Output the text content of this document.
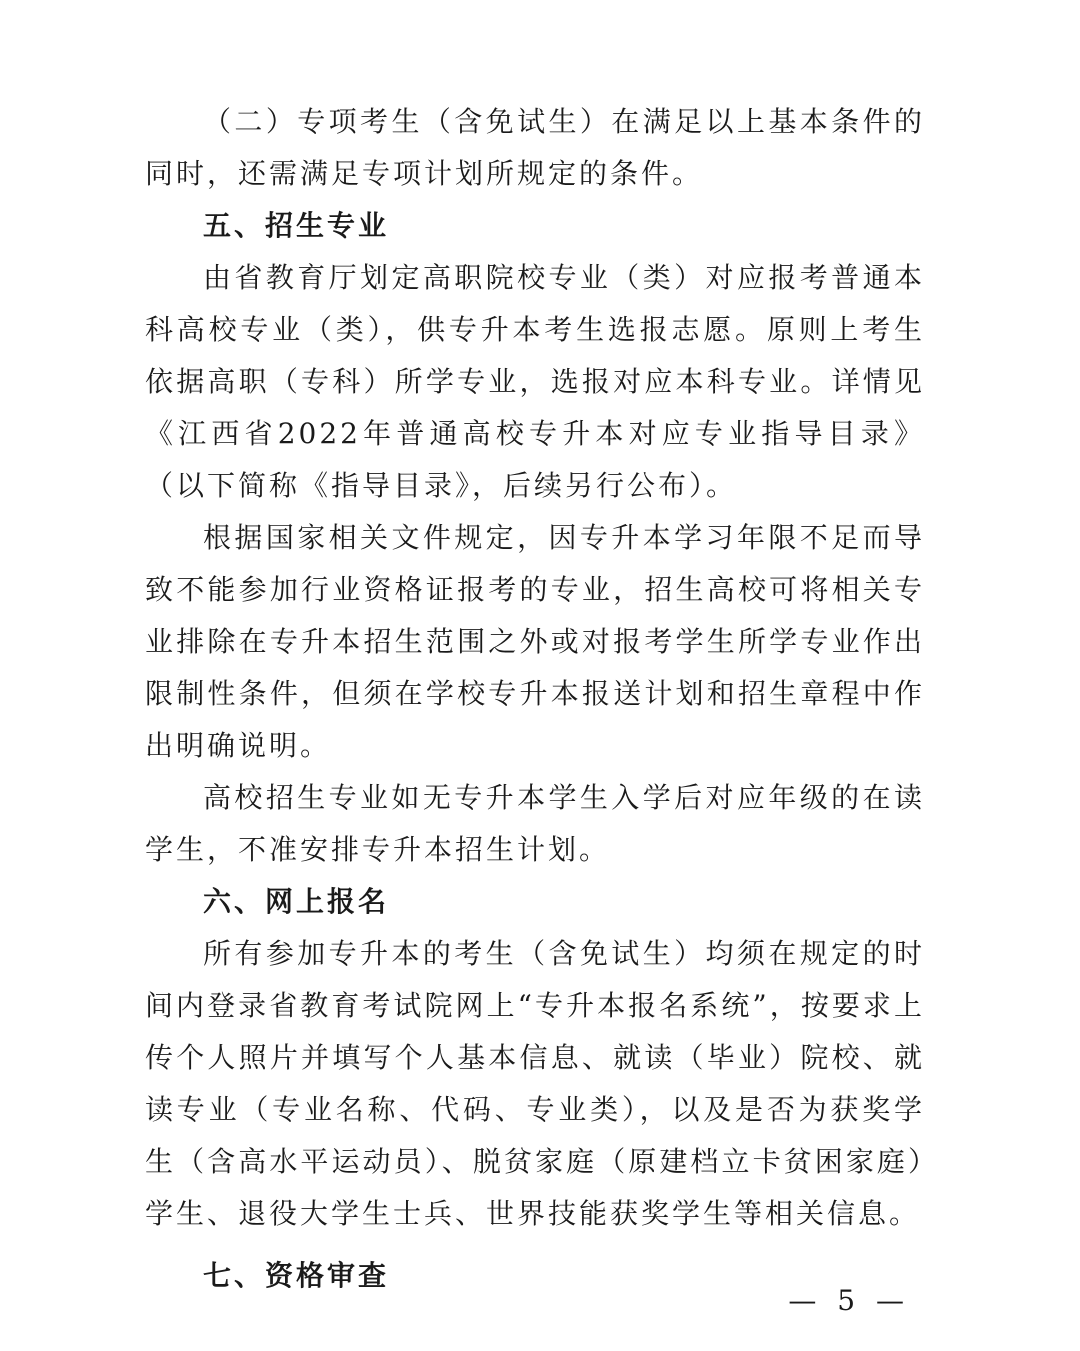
（二）专项考生（含免试生）在满足以上基本条件的同时，还需满足专项计划所规定的条件。

五、招生专业

由省教育厅划定高职院校专业（类）对应报考普通本科高校专业（类），供专升本考生选报志愿。原则上考生依据高职（专科）所学专业，选报对应本科专业。详情见《江西省2022年普通高校专升本对应专业指导目录》（以下简称《指导目录》，后续另行公布）。

根据国家相关文件规定，因专升本学习年限不足而导致不能参加行业资格证报考的专业，招生高校可将相关专业排除在专升本招生范围之外或对报考学生所学专业作出限制性条件，但须在学校专升本报送计划和招生章程中作出明确说明。

高校招生专业如无专升本学生入学后对应年级的在读学生，不准安排专升本招生计划。

六、网上报名

所有参加专升本的考生（含免试生）均须在规定的时间内登录省教育考试院网上“专升本报名系统”，按要求上传个人照片并填写个人基本信息、就读（毕业）院校、就读专业（专业名称、代码、专业类），以及是否为获奖学生（含高水平运动员）、脱贫家庭（原建档立卡贫困家庭）学生、退役大学生士兵、世界技能获奖学生等相关信息。

七、资格审查
— 5 —
